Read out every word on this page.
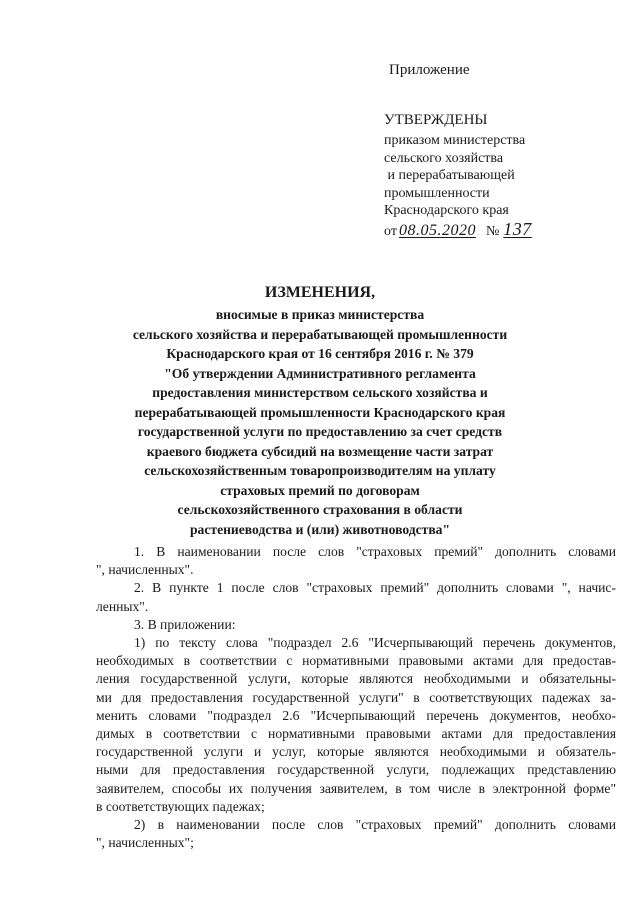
Приложение
УТВЕРЖДЕНЫ
приказом министерства
сельского хозяйства
и перерабатывающей
промышленности
Краснодарского края
от 08.05.2020 № 137
ИЗМЕНЕНИЯ,
вносимые в приказ министерства
сельского хозяйства и перерабатывающей промышленности
Краснодарского края от 16 сентября 2016 г. № 379
"Об утверждении Административного регламента
предоставления министерством сельского хозяйства и
перерабатывающей промышленности Краснодарского края
государственной услуги по предоставлению за счет средств
краевого бюджета субсидий на возмещение части затрат
сельскохозяйственным товаропроизводителям на уплату
страховых премий по договорам
сельскохозяйственного страхования в области
растениеводства и (или) животноводства"
1. В наименовании после слов "страховых премий" дополнить словами
", начисленных".
2. В пункте 1 после слов "страховых премий" дополнить словами ", начис-
ленных".
3. В приложении:
1) по тексту слова "подраздел 2.6 "Исчерпывающий перечень документов,
необходимых в соответствии с нормативными правовыми актами для предостав-
ления государственной услуги, которые являются необходимыми и обязательны-
ми для предоставления государственной услуги" в соответствующих падежах за-
менить словами "подраздел 2.6 "Исчерпывающий перечень документов, необхо-
димых в соответствии с нормативными правовыми актами для предоставления
государственной услуги и услуг, которые являются необходимыми и обязатель-
ными для предоставления государственной услуги, подлежащих представлению
заявителем, способы их получения заявителем, в том числе в электронной форме"
в соответствующих падежах;
2) в наименовании после слов "страховых премий" дополнить словами
", начисленных";
